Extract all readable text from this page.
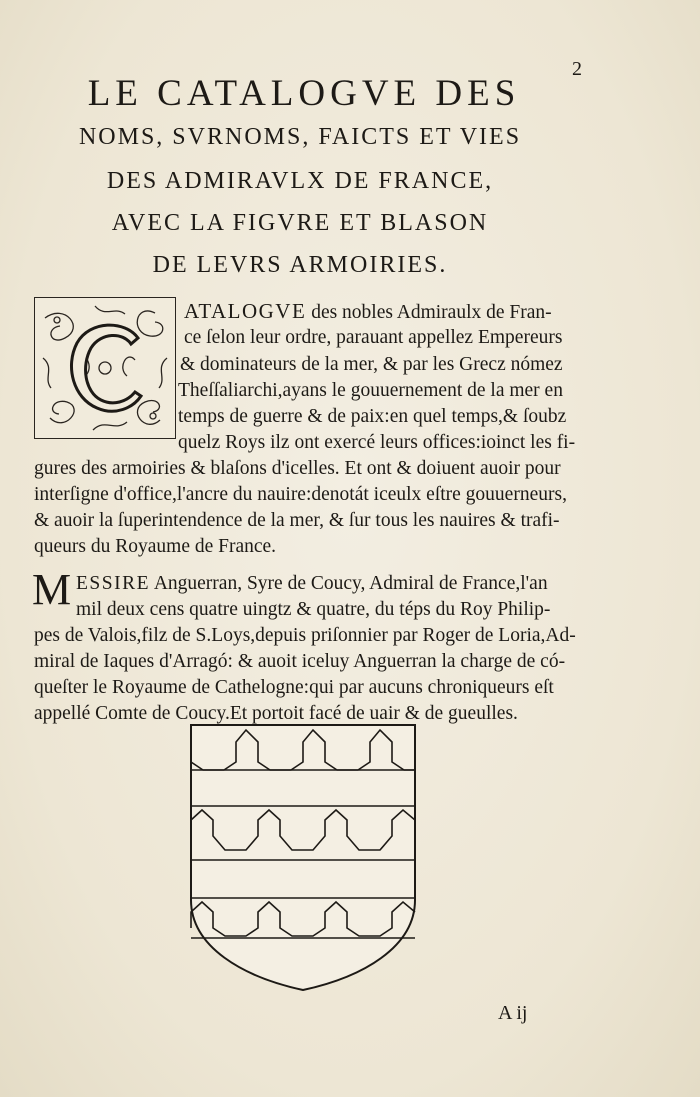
2
LE CATALOGVE DES
NOMS, SVRNOMS, FAICTS ET VIES
DES ADMIRAVLX DE FRANCE,
AVEC LA FIGVRE ET BLASON
DE LEVRS ARMOIRIES.
ATALOGVE des nobles Admiraulx de Fran-
ce ſelon leur ordre, parauant appellez Empereurs
& dominateurs de la mer, & par les Grecz nómez
Theſſaliarchi,ayans le gouuernement de la mer en
temps de guerre & de paix:en quel temps,& ſoubz
quelz Roys ilz ont exercé leurs offices:ioinct les fi-
gures des armoiries & blaſons d'icelles. Et ont & doiuent auoir pour
interſigne d'office,l'ancre du nauire:denotát iceulx eſtre gouuerneurs,
& auoir la ſuperintendence de la mer, & ſur tous les nauires & trafi-
queurs du Royaume de France.
M ESSIRE Anguerran, Syre de Coucy, Admiral de France,l'an
mil deux cens quatre uingtz & quatre, du téps du Roy Philip-
pes de Valois,filz de S.Loys,depuis priſonnier par Roger de Loria,Ad-
miral de Iaques d'Arragó: & auoit iceluy Anguerran la charge de có-
queſter le Royaume de Cathelogne:qui par aucuns chroniqueurs eſt
appellé Comte de Coucy.Et portoit facé de uair & de gueulles.
A ij
